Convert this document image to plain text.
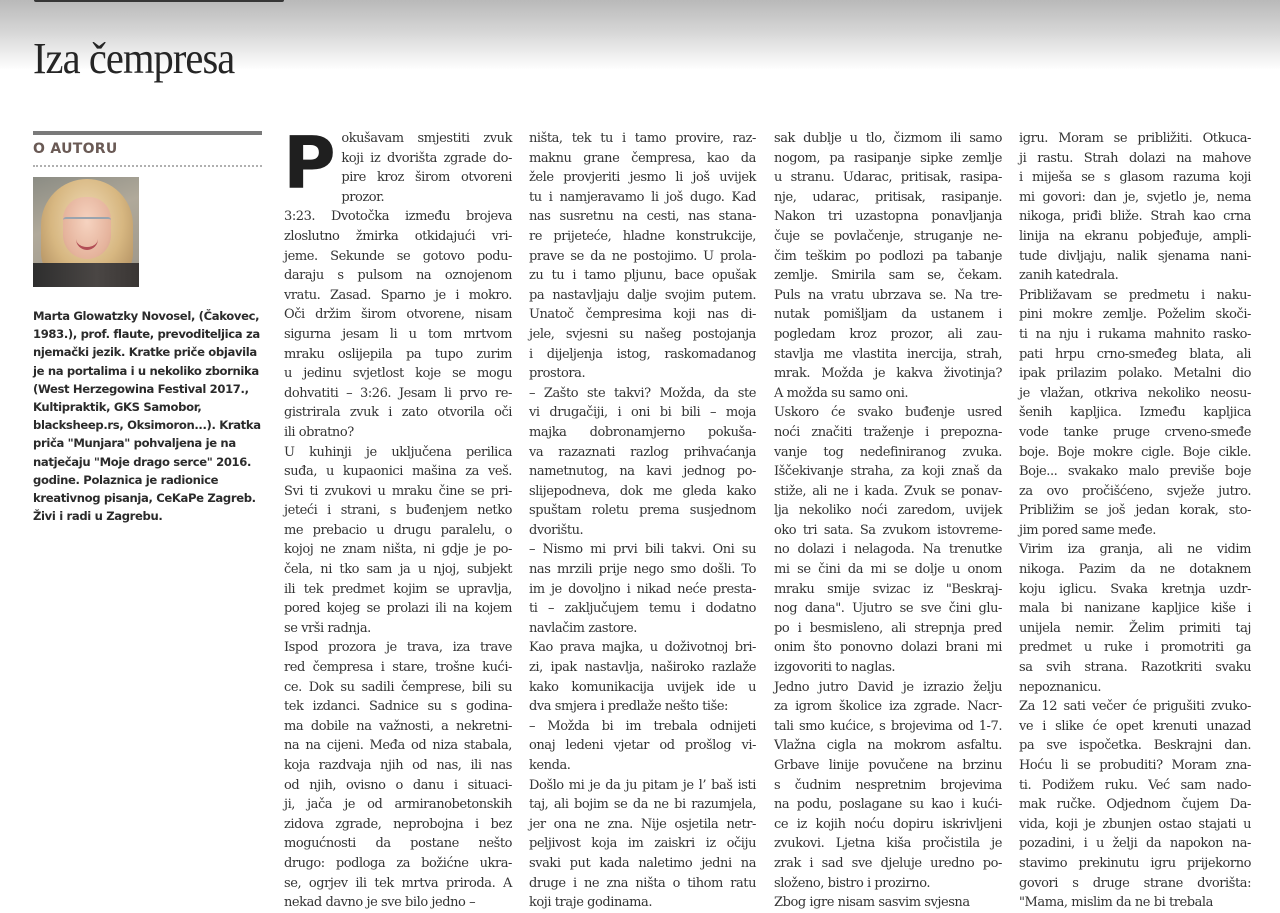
Iza čempresa
O AUTORU
Marta Glowatzky Novosel, (Čakovec, 1983.), prof. flaute, prevoditeljica za njemački jezik. Kratke priče objavila je na portalima i u nekoliko zbornika (West Herzegowina Festival 2017., Kultipraktik, GKS Samobor, blacksheep.rs, Oksimoron...). Kratka priča "Munjara" pohvaljena je na natječaju "Moje drago serce" 2016. godine. Polaznica je radionice kreativnog pisanja, CeKaPe Zagreb. Živi i radi u Zagrebu.
P okušavam smjestiti zvuk
koji iz dvorišta zgrade do-
pire kroz širom otvoreni
prozor.
3:23. Dvotočka između brojeva
zloslutno žmirka otkidajući vri-
jeme. Sekunde se gotovo podu-
daraju s pulsom na oznojenom
vratu. Zasad. Sparno je i mokro.
Oči držim širom otvorene, nisam
sigurna jesam li u tom mrtvom
mraku oslijepila pa tupo zurim
u jedinu svjetlost koje se mogu
dohvatiti – 3:26. Jesam li prvo re-
gistrirala zvuk i zato otvorila oči
ili obratno?
U kuhinji je uključena perilica
suđa, u kupaonici mašina za veš.
Svi ti zvukovi u mraku čine se pri-
jeteći i strani, s buđenjem netko
me prebacio u drugu paralelu, o
kojoj ne znam ništa, ni gdje je po-
čela, ni tko sam ja u njoj, subjekt
ili tek predmet kojim se upravlja,
pored kojeg se prolazi ili na kojem
se vrši radnja.
Ispod prozora je trava, iza trave
red čempresa i stare, trošne kući-
ce. Dok su sadili čemprese, bili su
tek izdanci. Sadnice su s godina-
ma dobile na važnosti, a nekretni-
na na cijeni. Međa od niza stabala,
koja razdvaja njih od nas, ili nas
od njih, ovisno o danu i situaci-
ji, jača je od armiranobetonskih
zidova zgrade, neprobojna i bez
mogućnosti da postane nešto
drugo: podloga za božićne ukra-
se, ogrjev ili tek mrtva priroda. A
nekad davno je sve bilo jedno –
ništa, tek tu i tamo provire, raz-
maknu grane čempresa, kao da
žele provjeriti jesmo li još uvijek
tu i namjeravamo li još dugo. Kad
nas susretnu na cesti, nas stana-
re prijeteće, hladne konstrukcije,
prave se da ne postojimo. U prola-
zu tu i tamo pljunu, bace opušak
pa nastavljaju dalje svojim putem.
Unatoč čempresima koji nas di-
jele, svjesni su našeg postojanja
i dijeljenja istog, raskomadanog
prostora.
– Zašto ste takvi? Možda, da ste
vi drugačiji, i oni bi bili – moja
majka dobronamjerno pokuša-
va razaznati razlog prihvaćanja
nametnutog, na kavi jednog po-
slijepodneva, dok me gleda kako
spuštam roletu prema susjednom
dvorištu.
– Nismo mi prvi bili takvi. Oni su
nas mrzili prije nego smo došli. To
im je dovoljno i nikad neće presta-
ti – zaključujem temu i dodatno
navlačim zastore.
Kao prava majka, u doživotnoj bri-
zi, ipak nastavlja, naširoko razlaže
kako komunikacija uvijek ide u
dva smjera i predlaže nešto tiše:
– Možda bi im trebala odnijeti
onaj ledeni vjetar od prošlog vi-
kenda.
Došlo mi je da ju pitam je l’ baš isti
taj, ali bojim se da ne bi razumjela,
jer ona ne zna. Nije osjetila netr-
peljivost koja im zaiskri iz očiju
svaki put kada naletimo jedni na
druge i ne zna ništa o tihom ratu
koji traje godinama.
sak dublje u tlo, čizmom ili samo
nogom, pa rasipanje sipke zemlje
u stranu. Udarac, pritisak, rasipa-
nje, udarac, pritisak, rasipanje.
Nakon tri uzastopna ponavljanja
čuje se povlačenje, struganje ne-
čim teškim po podlozi pa tabanje
zemlje. Smirila sam se, čekam.
Puls na vratu ubrzava se. Na tre-
nutak pomišljam da ustanem i
pogledam kroz prozor, ali zau-
stavlja me vlastita inercija, strah,
mrak. Možda je kakva životinja?
A možda su samo oni.
Uskoro će svako buđenje usred
noći značiti traženje i prepozna-
vanje tog nedefiniranog zvuka.
Iščekivanje straha, za koji znaš da
stiže, ali ne i kada. Zvuk se ponav-
lja nekoliko noći zaredom, uvijek
oko tri sata. Sa zvukom istovreme-
no dolazi i nelagoda. Na trenutke
mi se čini da mi se dolje u onom
mraku smije svizac iz "Beskraj-
nog dana". Ujutro se sve čini glu-
po i besmisleno, ali strepnja pred
onim što ponovno dolazi brani mi
izgovoriti to naglas.
Jedno jutro David je izrazio želju
za igrom školice iza zgrade. Nacr-
tali smo kućice, s brojevima od 1-7.
Vlažna cigla na mokrom asfaltu.
Grbave linije povučene na brzinu
s čudnim nespretnim brojevima
na podu, poslagane su kao i kući-
ce iz kojih noću dopiru iskrivljeni
zvukovi. Ljetna kiša pročistila je
zrak i sad sve djeluje uredno po-
složeno, bistro i prozirno.
Zbog igre nisam sasvim svjesna
igru. Moram se približiti. Otkuca-
ji rastu. Strah dolazi na mahove
i miješa se s glasom razuma koji
mi govori: dan je, svjetlo je, nema
nikoga, priđi bliže. Strah kao crna
linija na ekranu pobjeđuje, ampli-
tude divljaju, nalik sjenama nani-
zanih katedrala.
Približavam se predmetu i naku-
pini mokre zemlje. Poželim skoči-
ti na nju i rukama mahnito rasko-
pati hrpu crno-smeđeg blata, ali
ipak prilazim polako. Metalni dio
je vlažan, otkriva nekoliko neosu-
šenih kapljica. Između kapljica
vode tanke pruge crveno-smeđe
boje. Boje mokre cigle. Boje cikle.
Boje... svakako malo previše boje
za ovo pročišćeno, svježe jutro.
Približim se još jedan korak, sto-
jim pored same međe.
Virim iza granja, ali ne vidim
nikoga. Pazim da ne dotaknem
koju iglicu. Svaka kretnja uzdr-
mala bi nanizane kapljice kiše i
unijela nemir. Želim primiti taj
predmet u ruke i promotriti ga
sa svih strana. Razotkriti svaku
nepoznanicu.
Za 12 sati večer će prigušiti zvuko-
ve i slike će opet krenuti unazad
pa sve ispočetka. Beskrajni dan.
Hoću li se probuditi? Moram zna-
ti. Podižem ruku. Već sam nado-
mak ručke. Odjednom čujem Da-
vida, koji je zbunjen ostao stajati u
pozadini, i u želji da napokon na-
stavimo prekinutu igru prijekorno
govori s druge strane dvorišta:
"Mama, mislim da ne bi trebala
